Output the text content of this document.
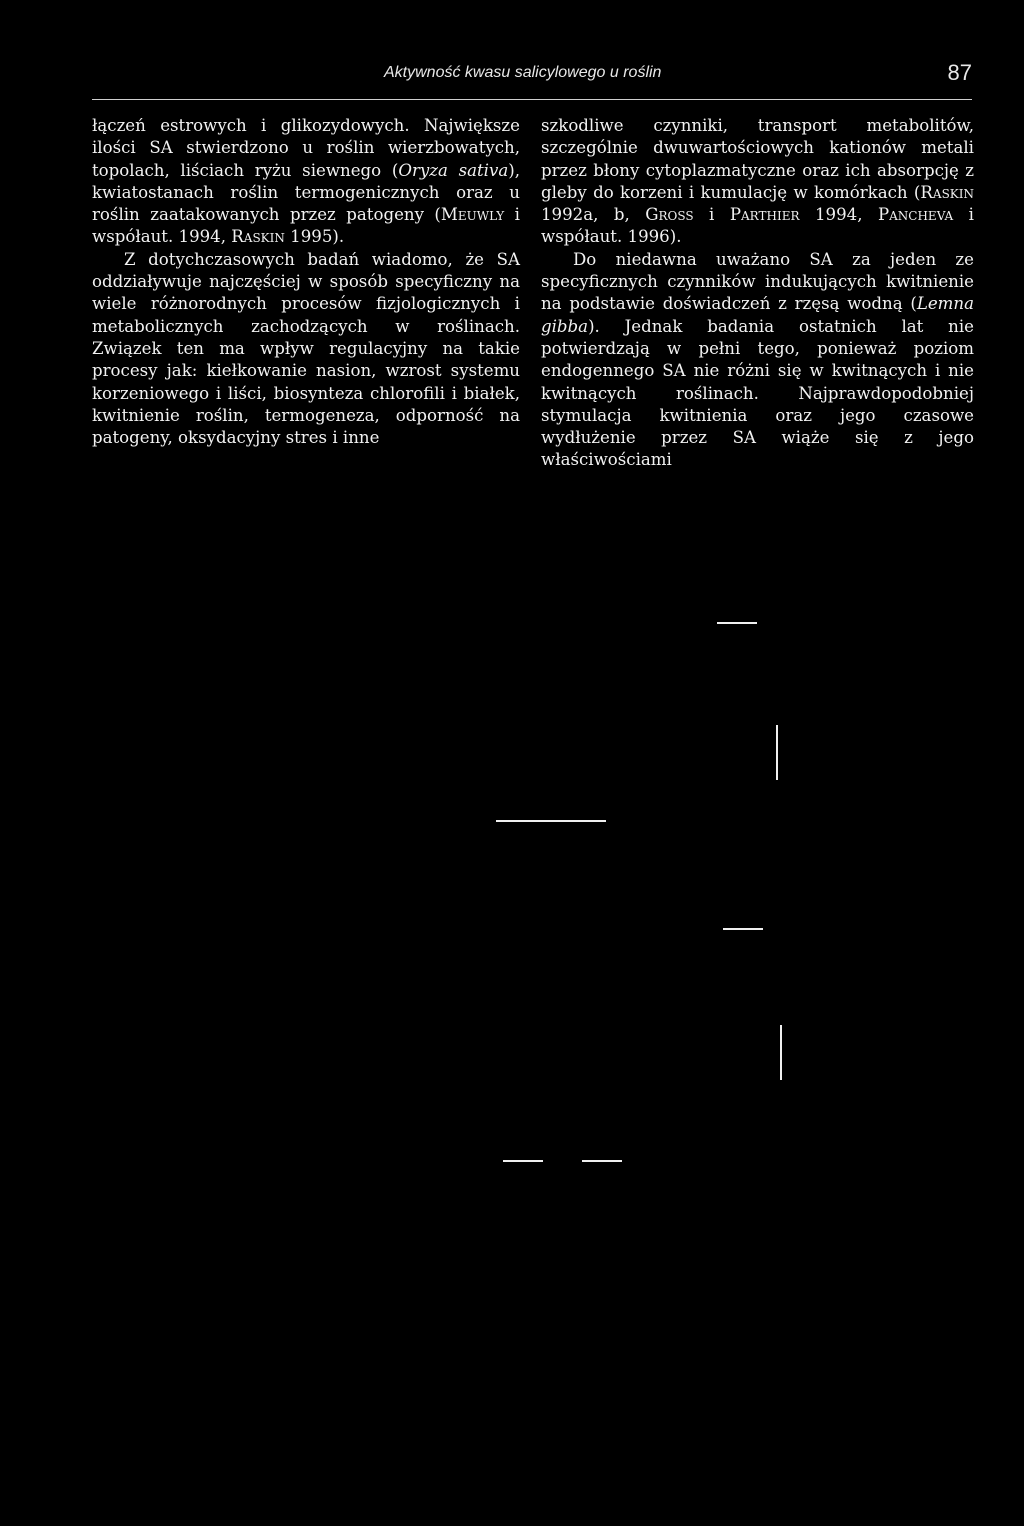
Aktywność kwasu salicylowego u roślin	87

łączeń estrowych i glikozydowych. Największe ilości SA stwierdzono u roślin wierzbowatych, topolach, liściach ryżu siewnego (Oryza sativa), kwiatostanach roślin termogenicznych oraz u roślin zaatakowanych przez patogeny (Meuwly i współaut. 1994, Raskin 1995).

Z dotychczasowych badań wiadomo, że SA oddziaływuje najczęściej w sposób specyficzny na wiele różnorodnych procesów fizjologicznych i metabolicznych zachodzących w roślinach. Związek ten ma wpływ regulacyjny na takie procesy jak: kiełkowanie nasion, wzrost systemu korzeniowego i liści, biosynteza chlorofili i białek, kwitnienie roślin, termogeneza, odporność na patogeny, oksydacyjny stres i inne

szkodliwe czynniki, transport metabolitów, szczególnie dwuwartościowych kationów metali przez błony cytoplazmatyczne oraz ich absorpcję z gleby do korzeni i kumulację w komórkach (Raskin 1992a, b, Gross i Parthier 1994, Pancheva i współaut. 1996).

Do niedawna uważano SA za jeden ze specyficznych czynników indukujących kwitnienie na podstawie doświadczeń z rzęsą wodną (Lemna gibba). Jednak badania ostatnich lat nie potwierdzają w pełni tego, ponieważ poziom endogennego SA nie różni się w kwitnących i nie kwitnących roślinach. Najprawdopodobniej stymulacja kwitnienia oraz jego czasowe wydłużenie przez SA wiąże się z jego właściwościami
